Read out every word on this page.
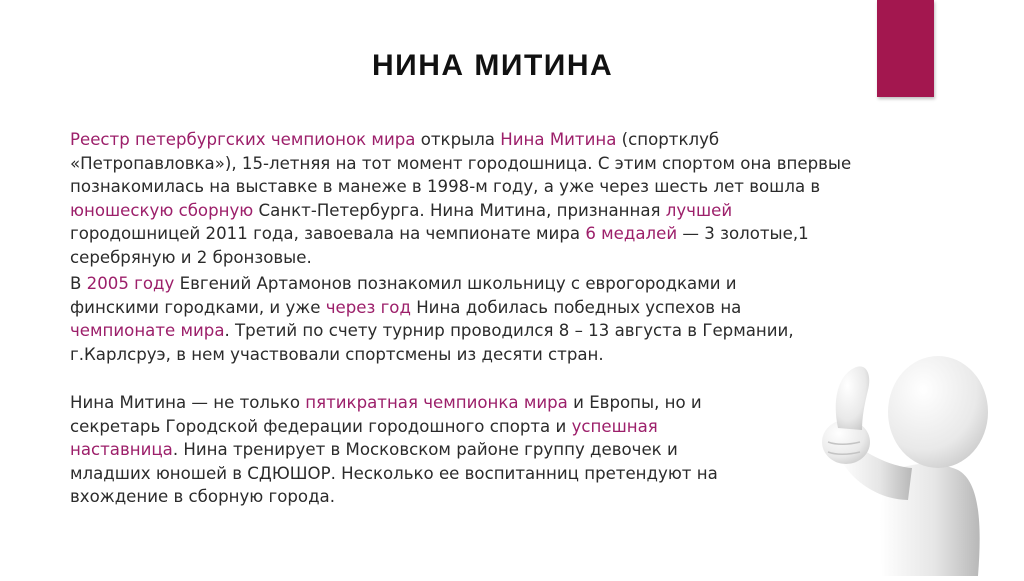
НИНА МИТИНА
Реестр петербургских чемпионок мира открыла Нина Митина (спортклуб
«Петропавловка»), 15-летняя на тот момент городошница. С этим спортом она впервые
познакомилась на выставке в манеже в 1998-м году, а уже через шесть лет вошла в
юношескую сборную Санкт-Петербурга. Нина Митина, признанная лучшей
городошницей 2011 года, завоевала на чемпионате мира 6 медалей — 3 золотые,1
серебряную и 2 бронзовые.
В 2005 году Евгений Артамонов познакомил школьницу с еврогородками и
финскими городками, и уже через год Нина добилась победных успехов на
чемпионате мира. Третий по счету турнир проводился 8 – 13 августа в Германии,
г.Карлсруэ, в нем участвовали спортсмены из десяти стран.
Нина Митина — не только пятикратная чемпионка мира и Европы, но и
секретарь Городской федерации городошного спорта и успешная
наставница. Нина тренирует в Московском районе группу девочек и
младших юношей в СДЮШОР. Несколько ее воспитанниц претендуют на
вхождение в сборную города.
